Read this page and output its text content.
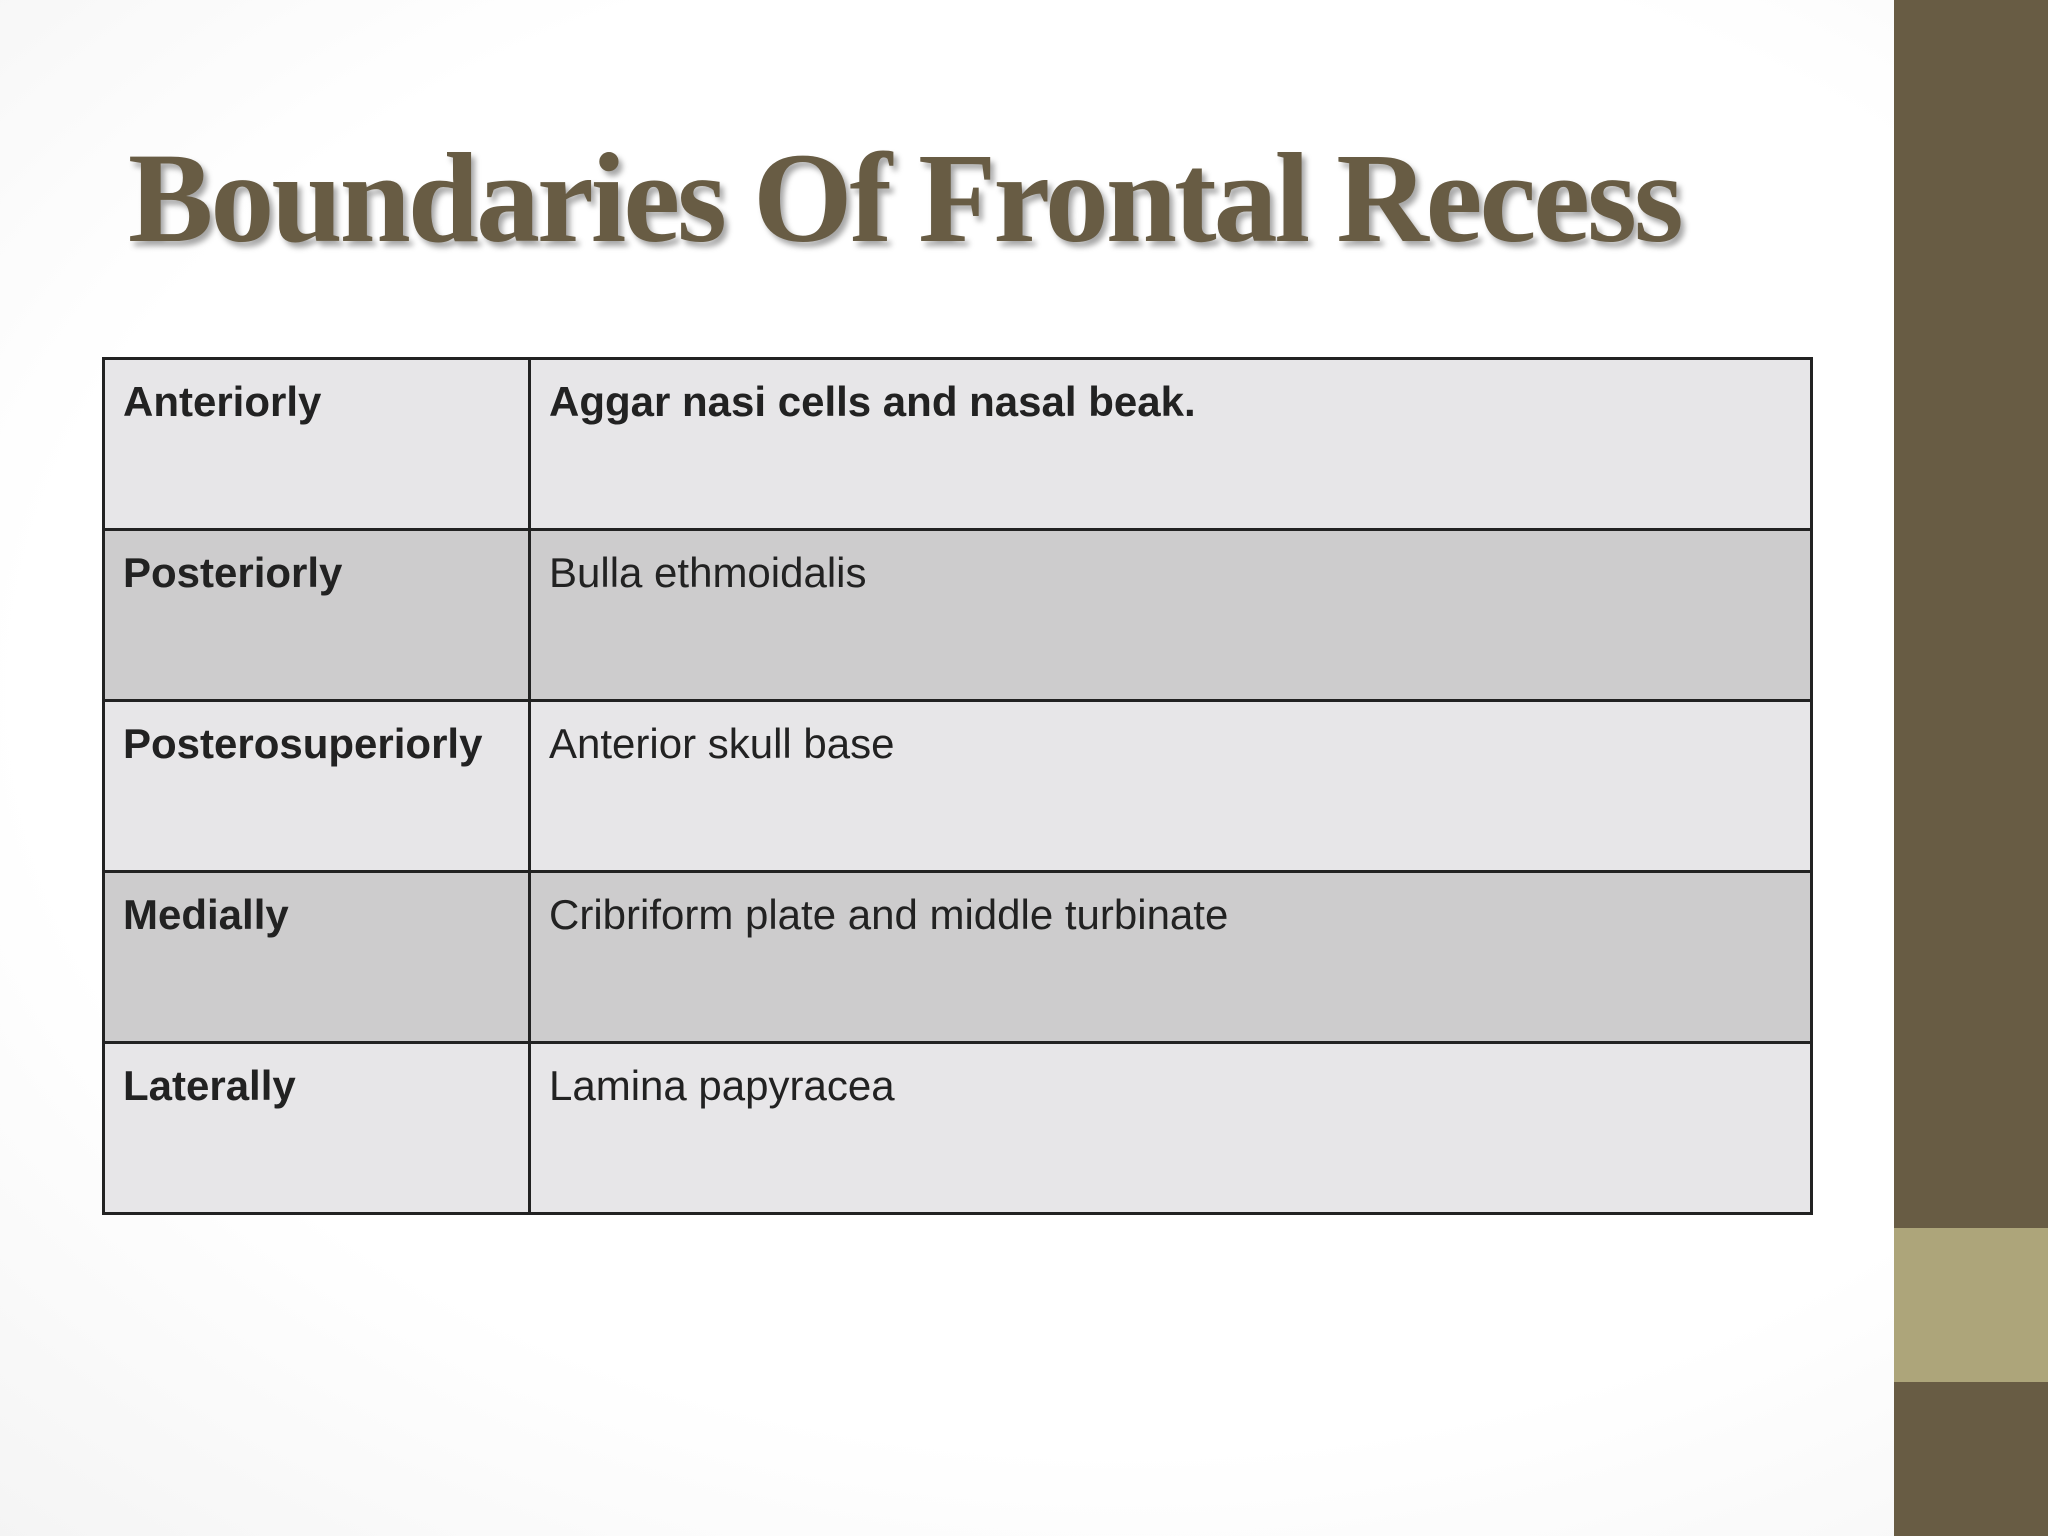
Boundaries Of Frontal Recess
Anteriorly	Aggar nasi cells and nasal beak.
Posteriorly	Bulla ethmoidalis
Posterosuperiorly	Anterior skull base
Medially	Cribriform plate and middle turbinate
Laterally	Lamina papyracea
